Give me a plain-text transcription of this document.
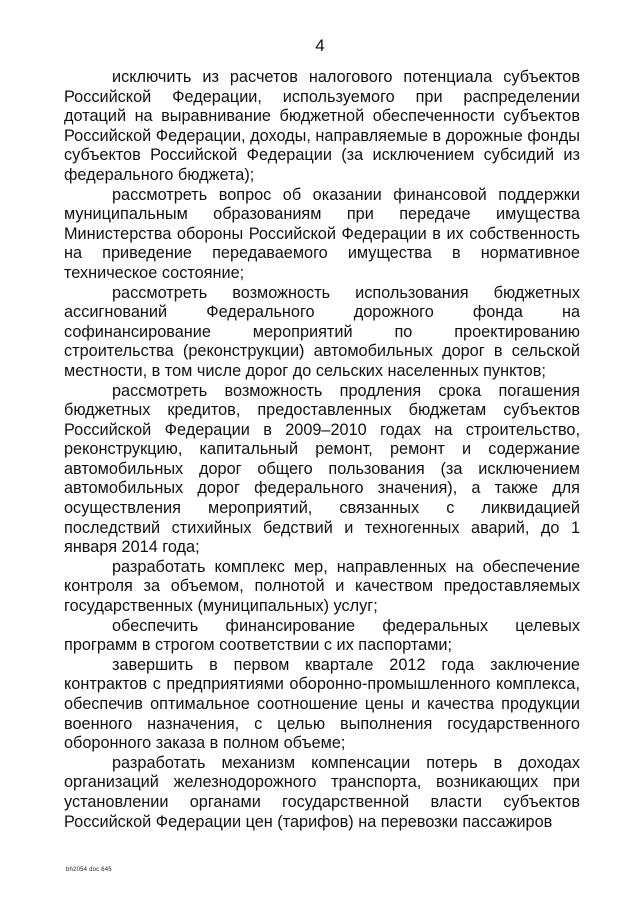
4

исключить из расчетов налогового потенциала субъектов Российской Федерации, используемого при распределении дотаций на выравнивание бюджетной обеспеченности субъектов Российской Федерации, доходы, направляемые в дорожные фонды субъектов Российской Федерации (за исключением субсидий из федерального бюджета);

рассмотреть вопрос об оказании финансовой поддержки муниципальным образованиям при передаче имущества Министерства обороны Российской Федерации в их собственность на приведение передаваемого имущества в нормативное техническое состояние;

рассмотреть возможность использования бюджетных ассигнований Федерального дорожного фонда на софинансирование мероприятий по проектированию строительства (реконструкции) автомобильных дорог в сельской местности, в том числе дорог до сельских населенных пунктов;

рассмотреть возможность продления срока погашения бюджетных кредитов, предоставленных бюджетам субъектов Российской Федерации в 2009–2010 годах на строительство, реконструкцию, капитальный ремонт, ремонт и содержание автомобильных дорог общего пользования (за исключением автомобильных дорог федерального значения), а также для осуществления мероприятий, связанных с ликвидацией последствий стихийных бедствий и техногенных аварий, до 1 января 2014 года;

разработать комплекс мер, направленных на обеспечение контроля за объемом, полнотой и качеством предоставляемых государственных (муниципальных) услуг;

обеспечить финансирование федеральных целевых программ в строгом соответствии с их паспортами;

завершить в первом квартале 2012 года заключение контрактов с предприятиями оборонно-промышленного комплекса, обеспечив оптимальное соотношение цены и качества продукции военного назначения, с целью выполнения государственного оборонного заказа в полном объеме;

разработать механизм компенсации потерь в доходах организаций железнодорожного транспорта, возникающих при установлении органами государственной власти субъектов Российской Федерации цен (тарифов) на перевозки пассажиров

bh2054 doc 645
